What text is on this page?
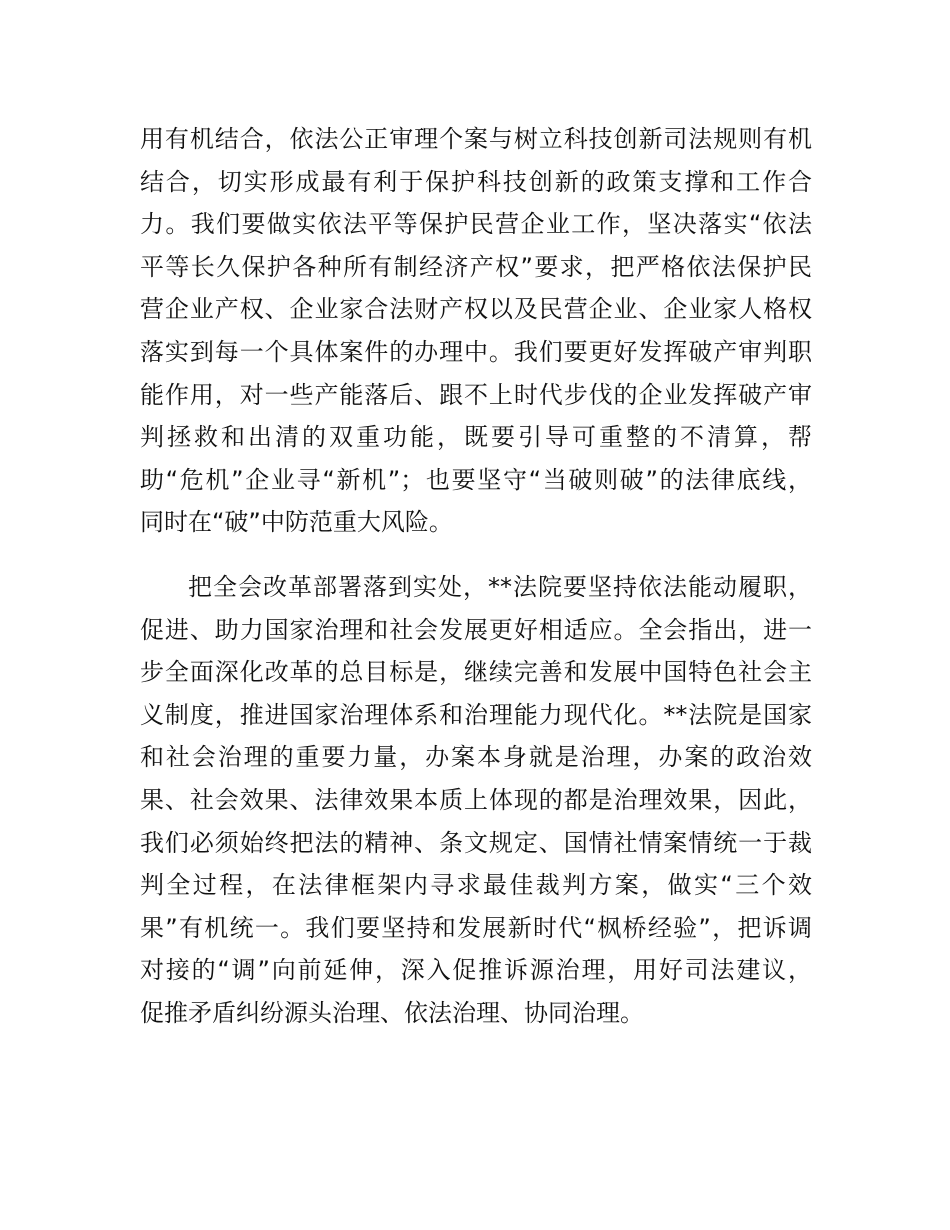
用有机结合，依法公正审理个案与树立科技创新司法规则有机
结合，切实形成最有利于保护科技创新的政策支撑和工作合
力。我们要做实依法平等保护民营企业工作，坚决落实“依法
平等长久保护各种所有制经济产权”要求，把严格依法保护民
营企业产权、企业家合法财产权以及民营企业、企业家人格权
落实到每一个具体案件的办理中。我们要更好发挥破产审判职
能作用，对一些产能落后、跟不上时代步伐的企业发挥破产审
判拯救和出清的双重功能，既要引导可重整的不清算，帮
助“危机”企业寻“新机”；也要坚守“当破则破”的法律底线，
同时在“破”中防范重大风险。
把全会改革部署落到实处，**法院要坚持依法能动履职，
促进、助力国家治理和社会发展更好相适应。全会指出，进一
步全面深化改革的总目标是，继续完善和发展中国特色社会主
义制度，推进国家治理体系和治理能力现代化。**法院是国家
和社会治理的重要力量，办案本身就是治理，办案的政治效
果、社会效果、法律效果本质上体现的都是治理效果，因此，
我们必须始终把法的精神、条文规定、国情社情案情统一于裁
判全过程，在法律框架内寻求最佳裁判方案，做实“三个效
果”有机统一。我们要坚持和发展新时代“枫桥经验”，把诉调
对接的“调”向前延伸，深入促推诉源治理，用好司法建议，
促推矛盾纠纷源头治理、依法治理、协同治理。
